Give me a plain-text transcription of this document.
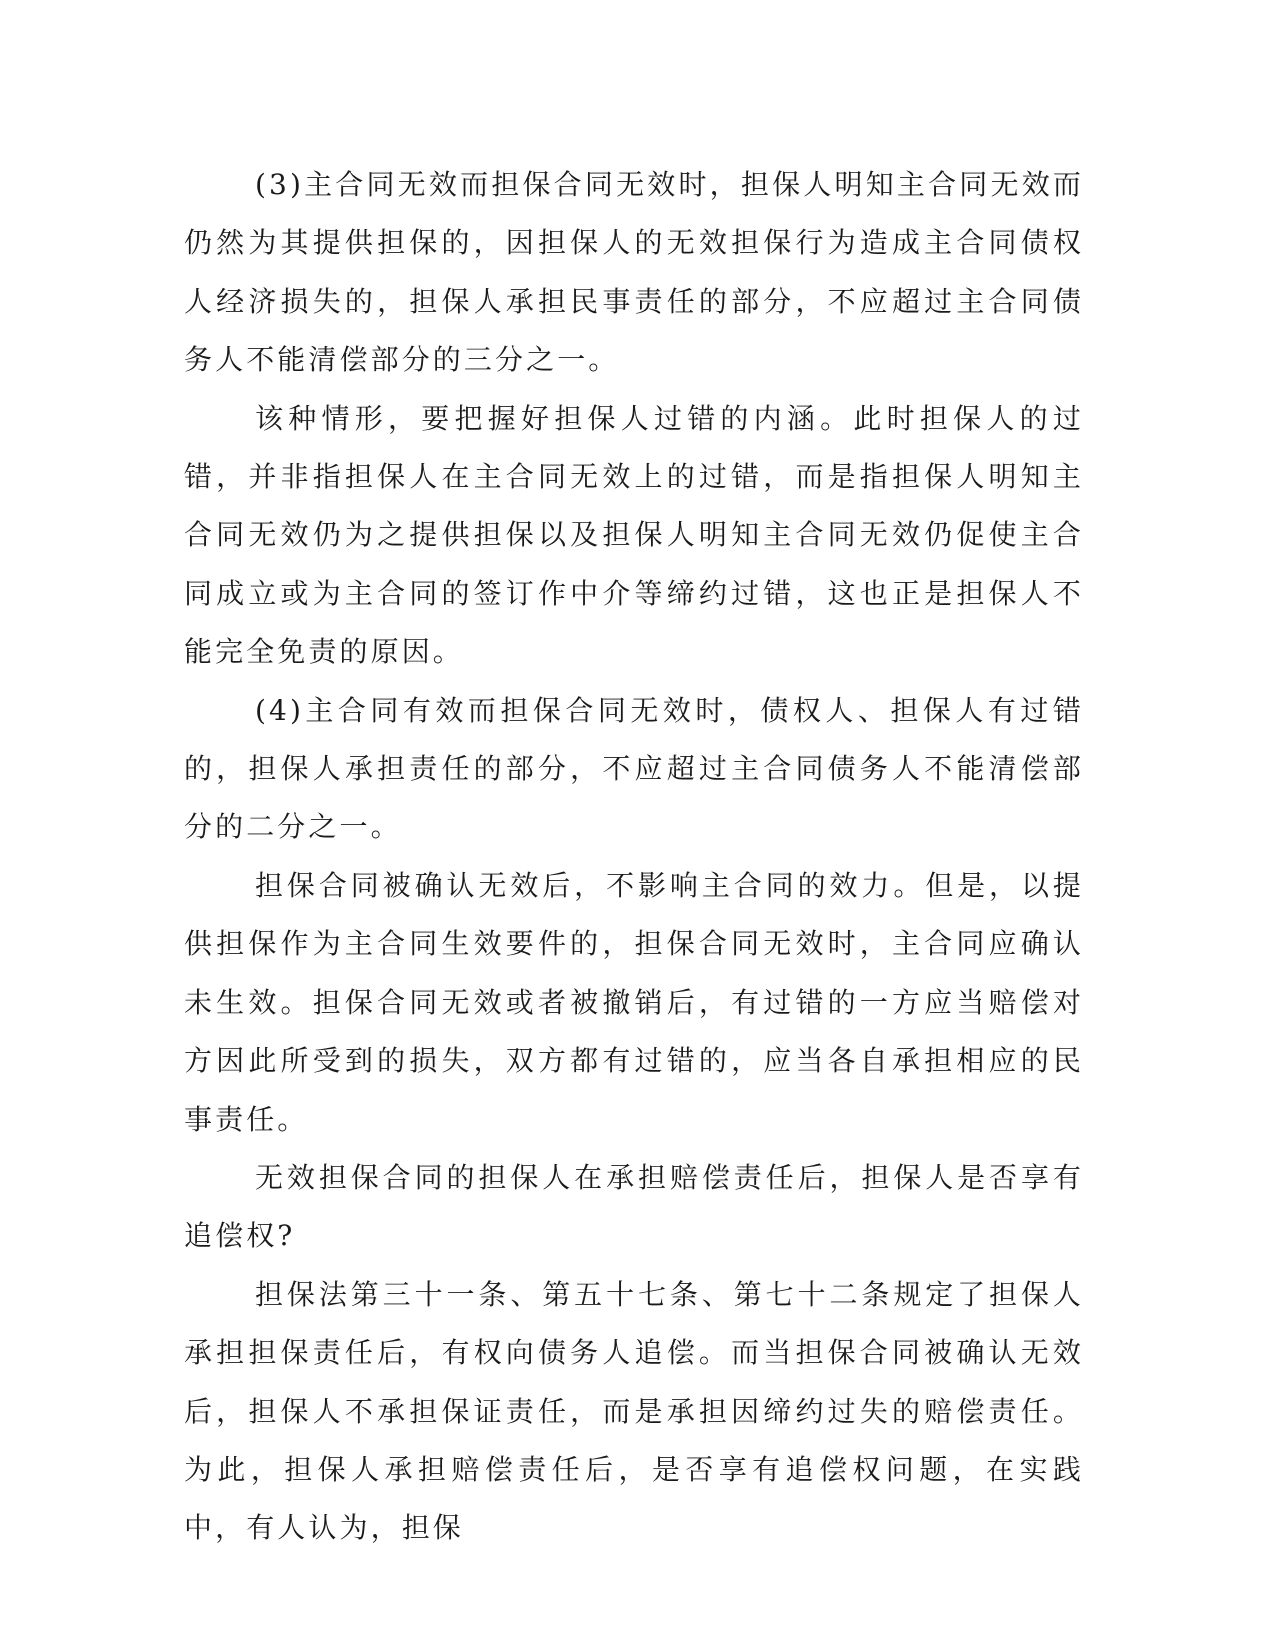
(3)主合同无效而担保合同无效时，担保人明知主合同无效而仍然为其提供担保的，因担保人的无效担保行为造成主合同债权人经济损失的，担保人承担民事责任的部分，不应超过主合同债务人不能清偿部分的三分之一。

该种情形，要把握好担保人过错的内涵。此时担保人的过错，并非指担保人在主合同无效上的过错，而是指担保人明知主合同无效仍为之提供担保以及担保人明知主合同无效仍促使主合同成立或为主合同的签订作中介等缔约过错，这也正是担保人不能完全免责的原因。

(4)主合同有效而担保合同无效时，债权人、担保人有过错的，担保人承担责任的部分，不应超过主合同债务人不能清偿部分的二分之一。

担保合同被确认无效后，不影响主合同的效力。但是，以提供担保作为主合同生效要件的，担保合同无效时，主合同应确认未生效。担保合同无效或者被撤销后，有过错的一方应当赔偿对方因此所受到的损失，双方都有过错的，应当各自承担相应的民事责任。

无效担保合同的担保人在承担赔偿责任后，担保人是否享有追偿权?

担保法第三十一条、第五十七条、第七十二条规定了担保人承担担保责任后，有权向债务人追偿。而当担保合同被确认无效后，担保人不承担保证责任，而是承担因缔约过失的赔偿责任。为此，担保人承担赔偿责任后，是否享有追偿权问题，在实践中，有人认为，担保
